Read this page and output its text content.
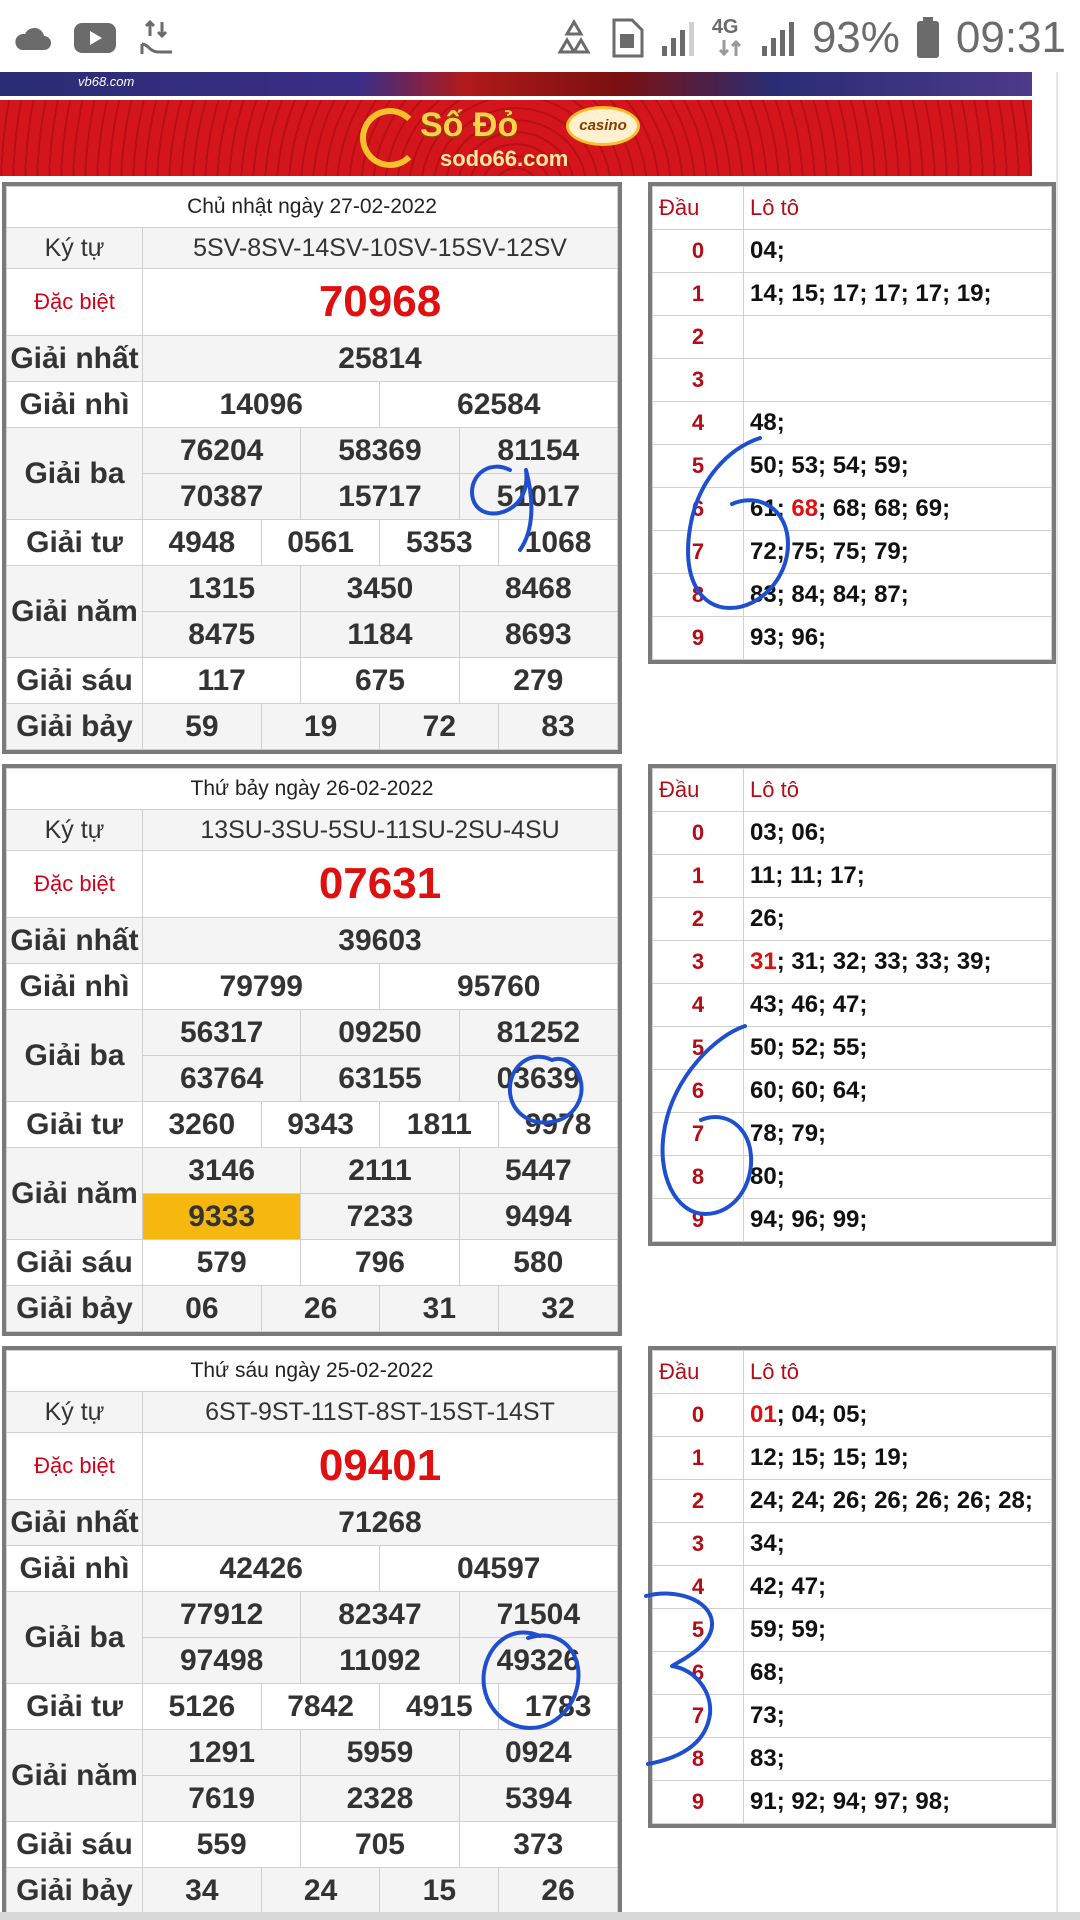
4G 93% 09:31
vb68.com
Số Đỏ	casino
sodo66.com
Chủ nhật ngày 27-02-2022						
Ký tự	5SV-8SV-14SV-10SV-15SV-12SV					
Đặc biệt	70968					
Giải nhất	25814					
Giải nhì	14096			62584		
Giải ba	76204		58369		81154	
	70387		15717		51017	
Giải tư	4948	0561		5353		1068
Giải năm	1315		3450		8468	
	8475		1184		8693	
Giải sáu	117		675		279	
Giải bảy	59	19		72		83
Đầu	Lô tô
0	04;
1	14; 15; 17; 17; 17; 19;
2	
3	
4	48;
5	50; 53; 54; 59;
6	61; 68; 68; 68; 69;
7	72; 75; 75; 79;
8	83; 84; 84; 87;
9	93; 96;
Thứ bảy ngày 26-02-2022						
Ký tự	13SU-3SU-5SU-11SU-2SU-4SU					
Đặc biệt	07631					
Giải nhất	39603					
Giải nhì	79799			95760		
Giải ba	56317		09250		81252	
	63764		63155		03639	
Giải tư	3260	9343		1811		9978
Giải năm	3146		2111		5447	
	9333		7233		9494	
Giải sáu	579		796		580	
Giải bảy	06	26		31		32
Đầu	Lô tô
0	03; 06;
1	11; 11; 17;
2	26;
3	31; 31; 32; 33; 33; 39;
4	43; 46; 47;
5	50; 52; 55;
6	60; 60; 64;
7	78; 79;
8	80;
9	94; 96; 99;
Thứ sáu ngày 25-02-2022						
Ký tự	6ST-9ST-11ST-8ST-15ST-14ST					
Đặc biệt	09401					
Giải nhất	71268					
Giải nhì	42426			04597		
Giải ba	77912		82347		71504	
	97498		11092		49326	
Giải tư	5126	7842		4915		1783
Giải năm	1291		5959		0924	
	7619		2328		5394	
Giải sáu	559		705		373	
Giải bảy	34	24		15		26
Đầu	Lô tô
0	01; 04; 05;
1	12; 15; 15; 19;
2	24; 24; 26; 26; 26; 26; 28;
3	34;
4	42; 47;
5	59; 59;
6	68;
7	73;
8	83;
9	91; 92; 94; 97; 98;
